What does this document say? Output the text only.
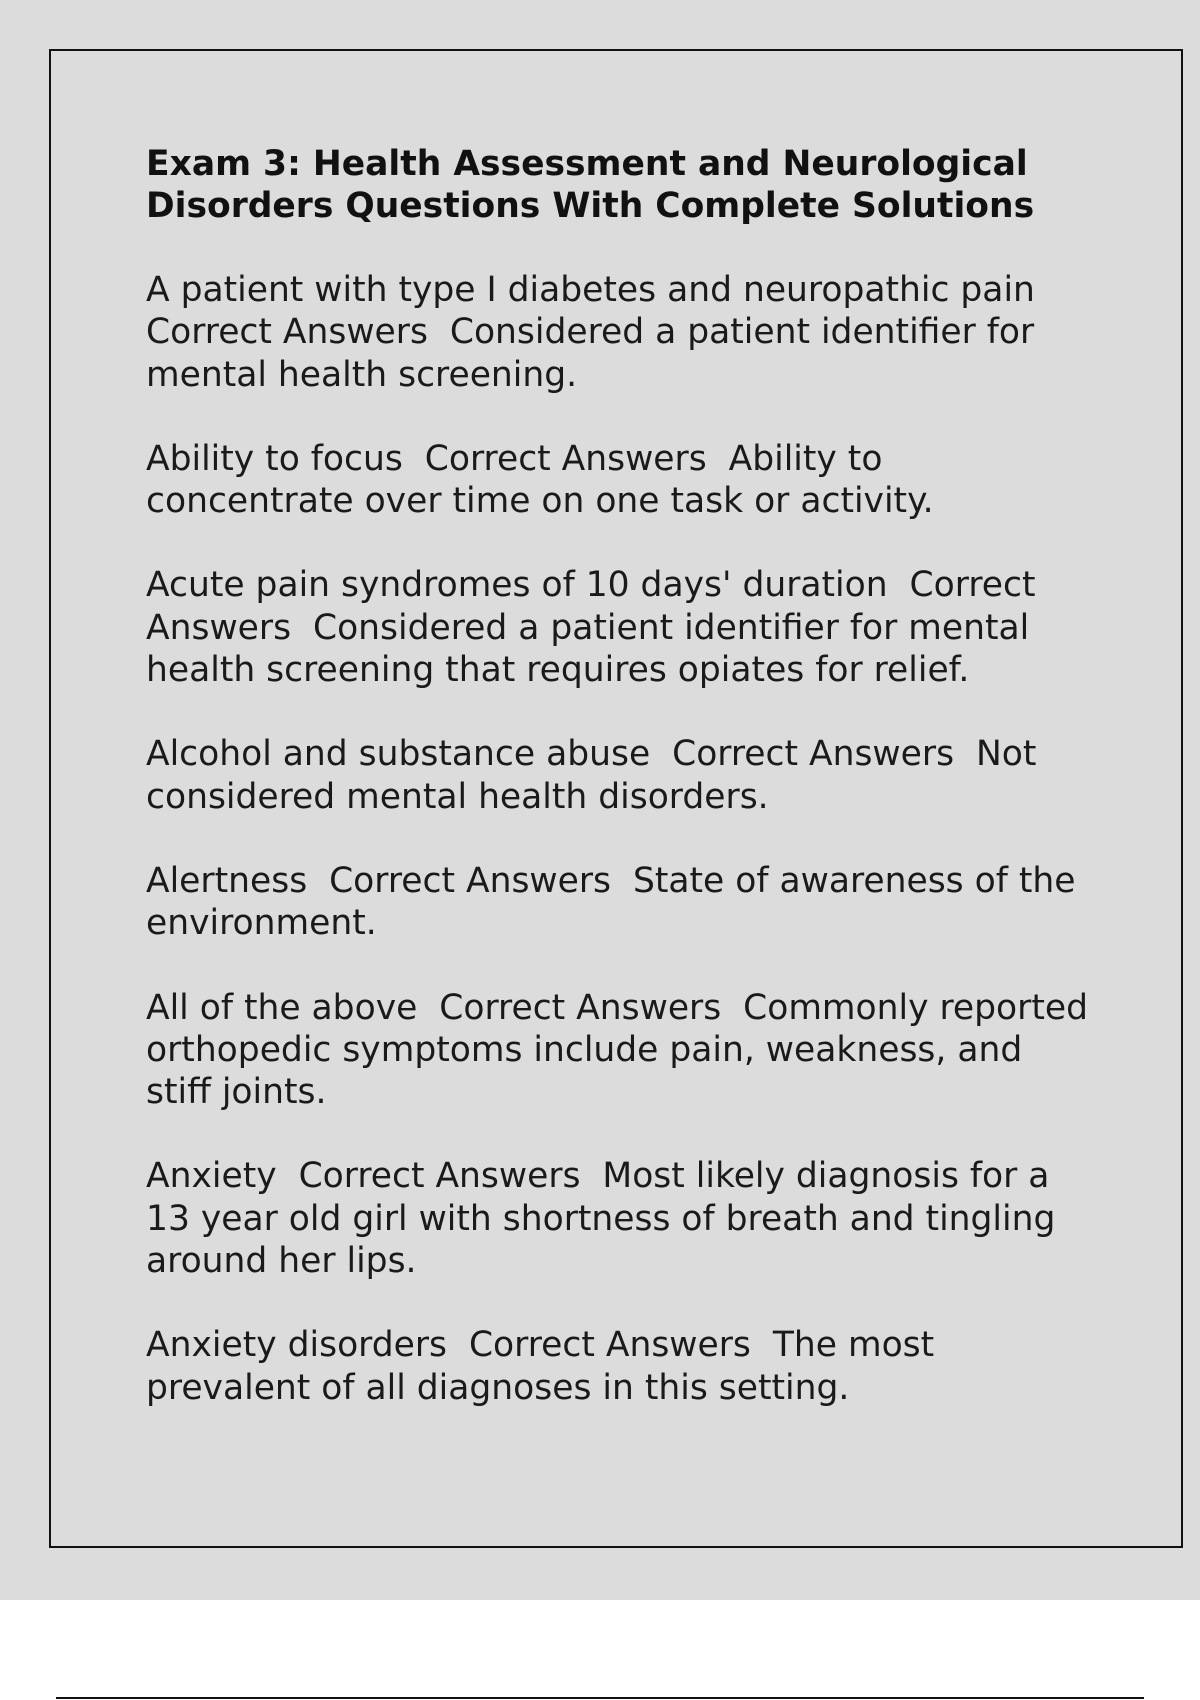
Exam 3: Health Assessment and Neurological Disorders Questions With Complete Solutions

A patient with type I diabetes and neuropathic pain Correct Answers  Considered a patient identifier for mental health screening.

Ability to focus  Correct Answers  Ability to concentrate over time on one task or activity.

Acute pain syndromes of 10 days' duration  Correct Answers  Considered a patient identifier for mental health screening that requires opiates for relief.

Alcohol and substance abuse  Correct Answers  Not considered mental health disorders.

Alertness  Correct Answers  State of awareness of the environment.

All of the above  Correct Answers  Commonly reported orthopedic symptoms include pain, weakness, and stiff joints.

Anxiety  Correct Answers  Most likely diagnosis for a 13 year old girl with shortness of breath and tingling around her lips.

Anxiety disorders  Correct Answers  The most prevalent of all diagnoses in this setting.
